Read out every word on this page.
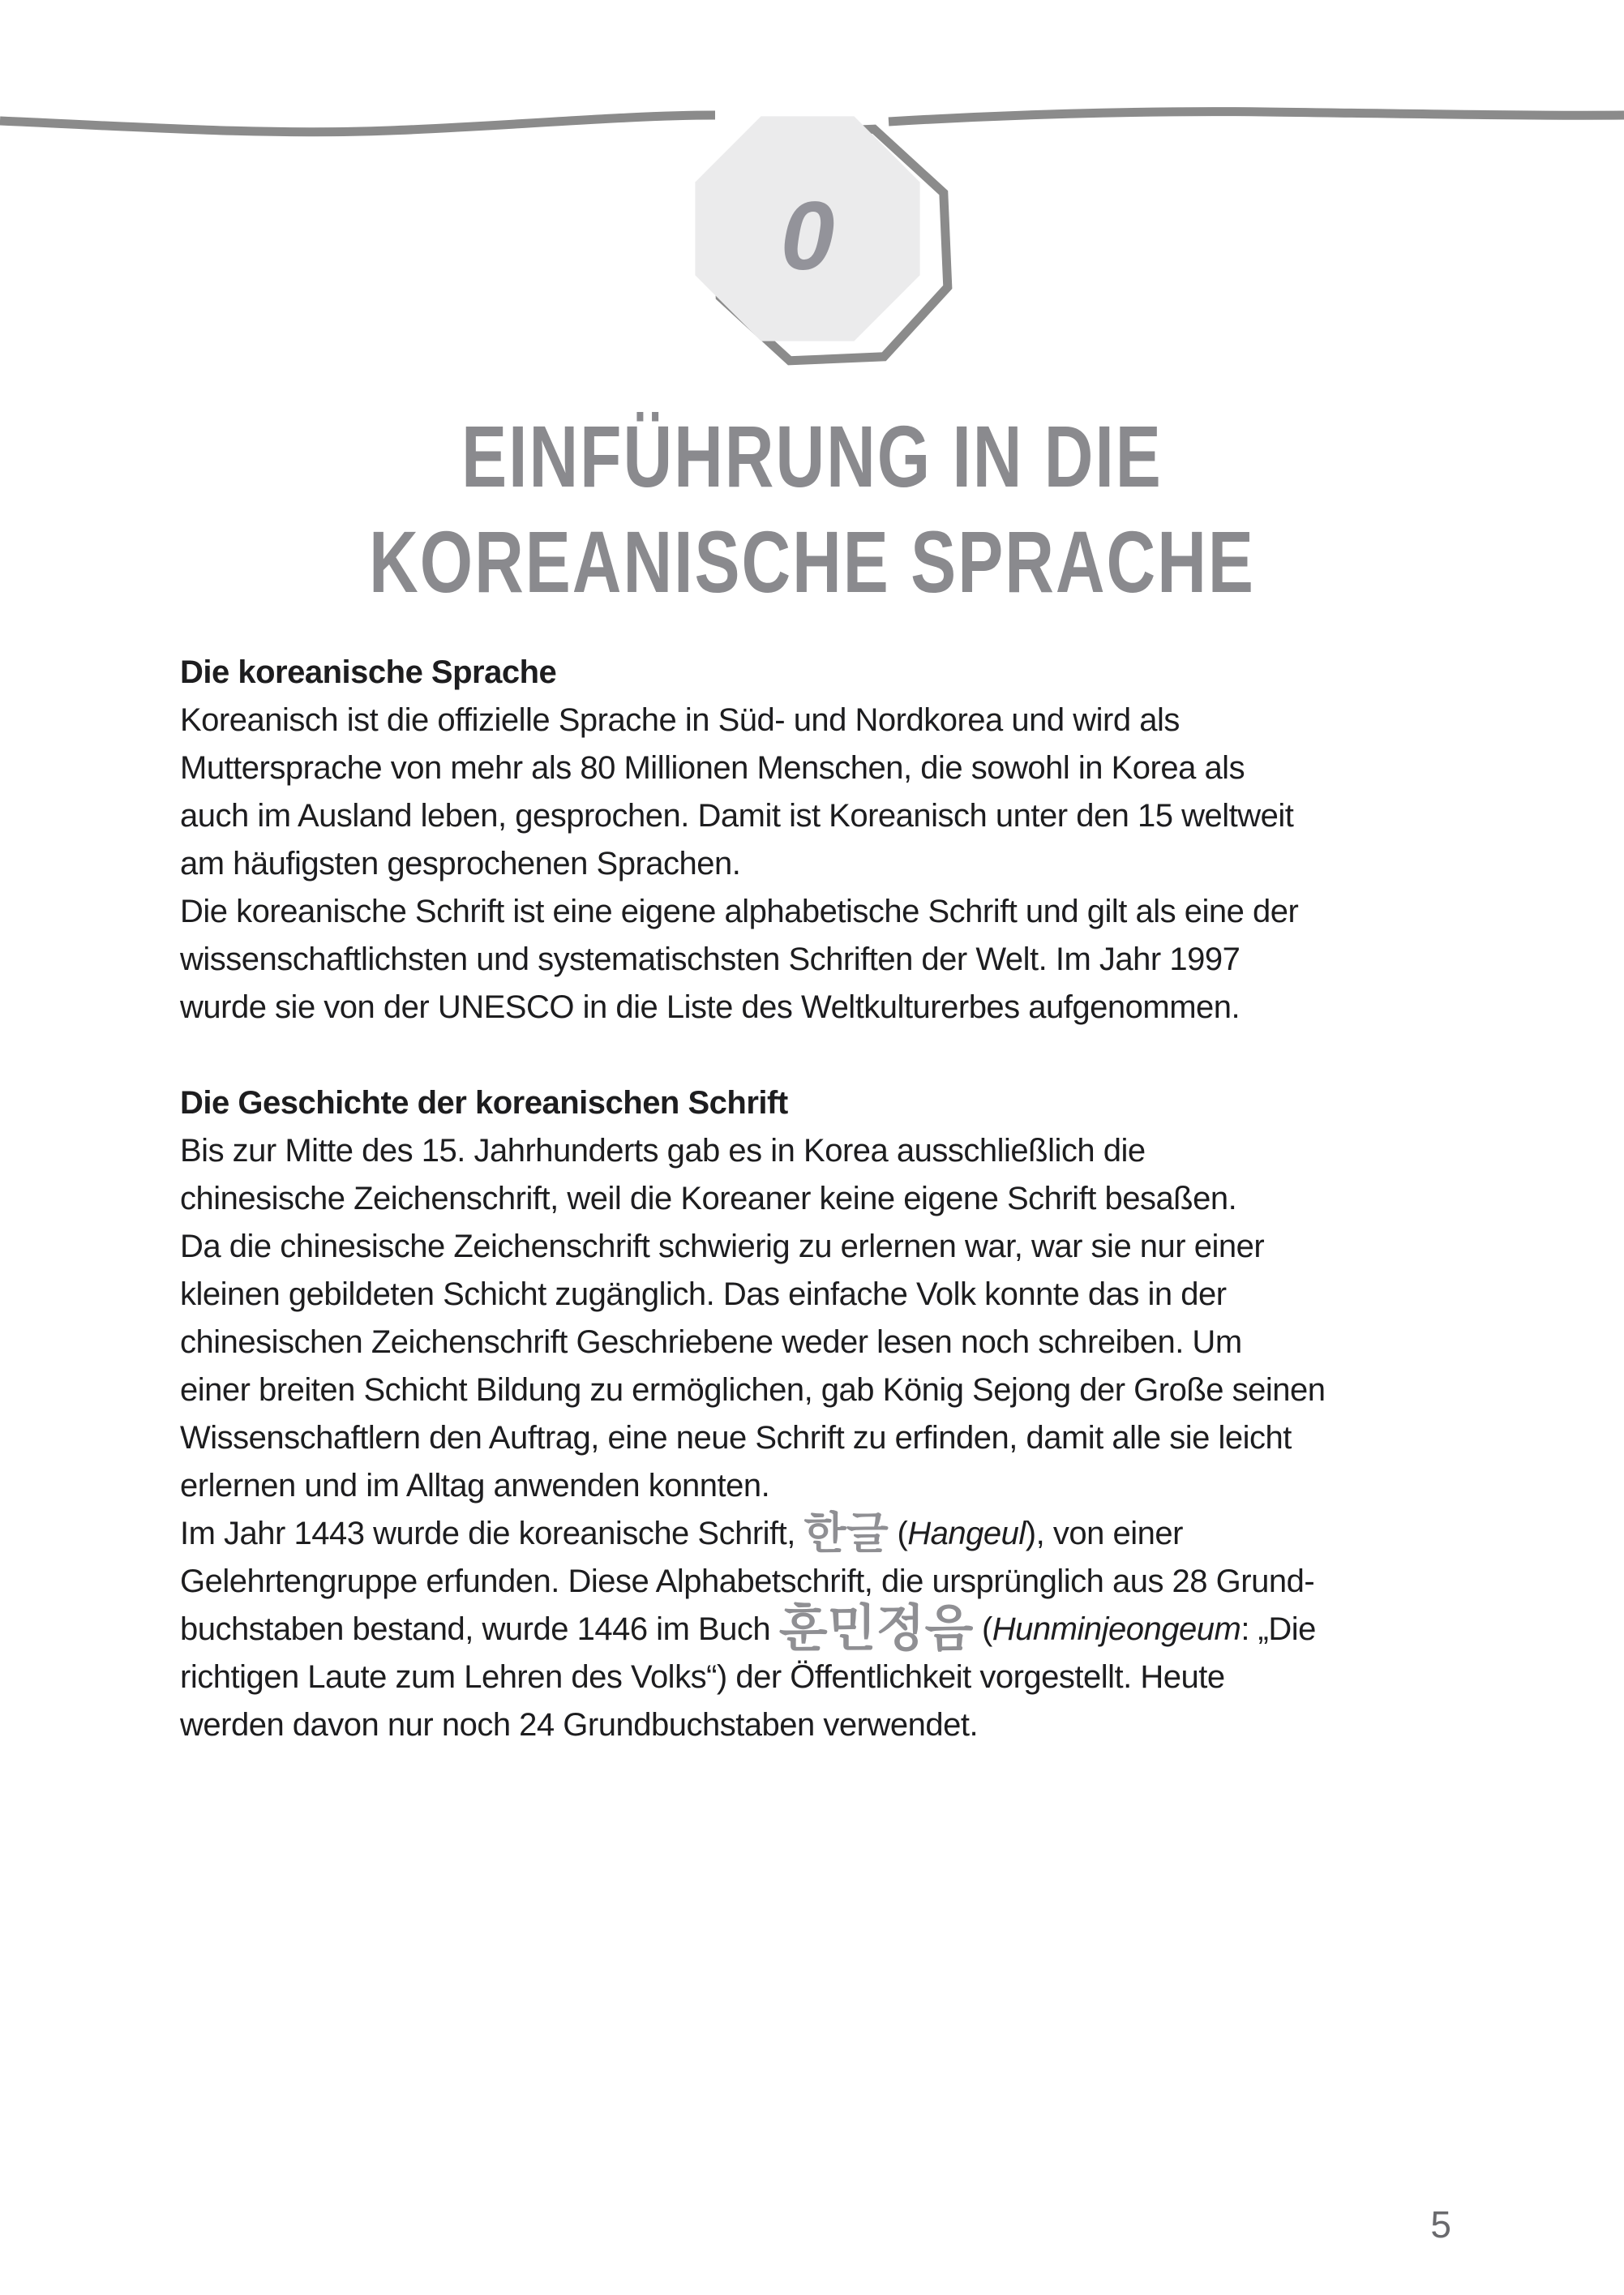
0
EINFÜHRUNG IN DIE
KOREANISCHE SPRACHE
Die koreanische Sprache
Koreanisch ist die offizielle Sprache in Süd- und Nordkorea und wird als
Muttersprache von mehr als 80 Millionen Menschen, die sowohl in Korea als
auch im Ausland leben, gesprochen. Damit ist Koreanisch unter den 15 weltweit
am häufigsten gesprochenen Sprachen.
Die koreanische Schrift ist eine eigene alphabetische Schrift und gilt als eine der
wissenschaftlichsten und systematischsten Schriften der Welt. Im Jahr 1997
wurde sie von der UNESCO in die Liste des Weltkulturerbes aufgenommen.
Die Geschichte der koreanischen Schrift
Bis zur Mitte des 15. Jahrhunderts gab es in Korea ausschließlich die
chinesische Zeichenschrift, weil die Koreaner keine eigene Schrift besaßen.
Da die chinesische Zeichenschrift schwierig zu erlernen war, war sie nur einer
kleinen gebildeten Schicht zugänglich. Das einfache Volk konnte das in der
chinesischen Zeichenschrift Geschriebene weder lesen noch schreiben. Um
einer breiten Schicht Bildung zu ermöglichen, gab König Sejong der Große seinen
Wissenschaftlern den Auftrag, eine neue Schrift zu erfinden, damit alle sie leicht
erlernen und im Alltag anwenden konnten.
Im Jahr 1443 wurde die koreanische Schrift, 한글 (Hangeul), von einer
Gelehrtengruppe erfunden. Diese Alphabetschrift, die ursprünglich aus 28 Grund-
buchstaben bestand, wurde 1446 im Buch 훈민정음 (Hunminjeongeum: „Die
richtigen Laute zum Lehren des Volks“) der Öffentlichkeit vorgestellt. Heute
werden davon nur noch 24 Grundbuchstaben verwendet.
5
